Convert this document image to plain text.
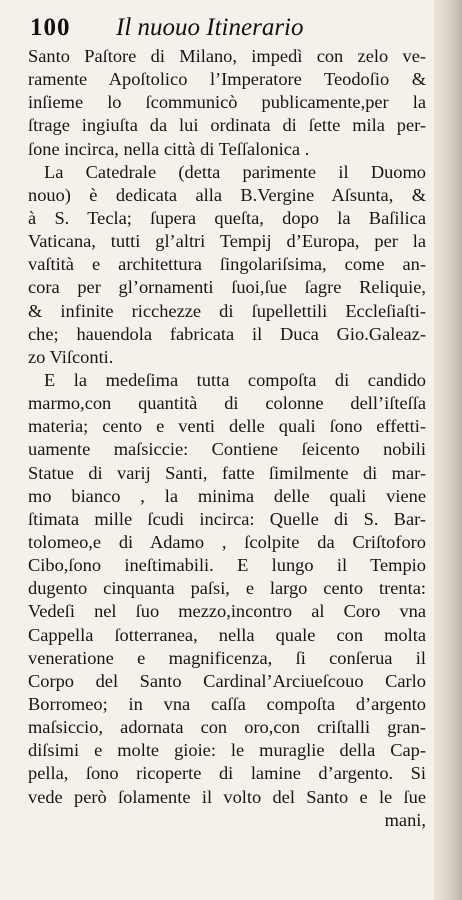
100 Il nuouo Itinerario
Santo Paſtore di Milano, impedì con zelo ve-
ramente Apoſtolico l’Imperatore Teodoſio &
inſieme lo ſcommunicò publicamente,per la
ſtrage ingiuſta da lui ordinata di ſette mila per-
ſone incirca, nella città di Teſſalonica .
La Catedrale (detta parimente il Duomo
nouo) è dedicata alla B.Vergine Aſsunta, &
à S. Tecla; ſupera queſta, dopo la Baſilica
Vaticana, tutti gl’altri Tempij d’Europa, per la
vaſtità e architettura ſingolariſsima, come an-
cora per gl’ornamenti ſuoi,ſue ſagre Reliquie,
& infinite ricchezze di ſupellettili Eccleſiaſti-
che; hauendola fabricata il Duca Gio.Galeaz-
zo Viſconti.
E la medeſima tutta compoſta di candido
marmo,con quantità di colonne dell’iſteſſa
materia; cento e venti delle quali ſono effetti-
uamente maſsiccie: Contiene ſeicento nobili
Statue di varij Santi, fatte ſimilmente di mar-
mo bianco , la minima delle quali viene
ſtimata mille ſcudi incirca: Quelle di S. Bar-
tolomeo,e di Adamo , ſcolpite da Criſtoforo
Cibo,ſono ineſtimabili. E lungo il Tempio
dugento cinquanta paſsi, e largo cento trenta:
Vedeſi nel ſuo mezzo,incontro al Coro vna
Cappella ſotterranea, nella quale con molta
veneratione e magnificenza, ſi conſerua il
Corpo del Santo Cardinal’Arciueſcouo Carlo
Borromeo; in vna caſſa compoſta d’argento
maſsiccio, adornata con oro,con criſtalli gran-
diſsimi e molte gioie: le muraglie della Cap-
pella, ſono ricoperte di lamine d’argento. Si
vede però ſolamente il volto del Santo e le ſue
mani,
